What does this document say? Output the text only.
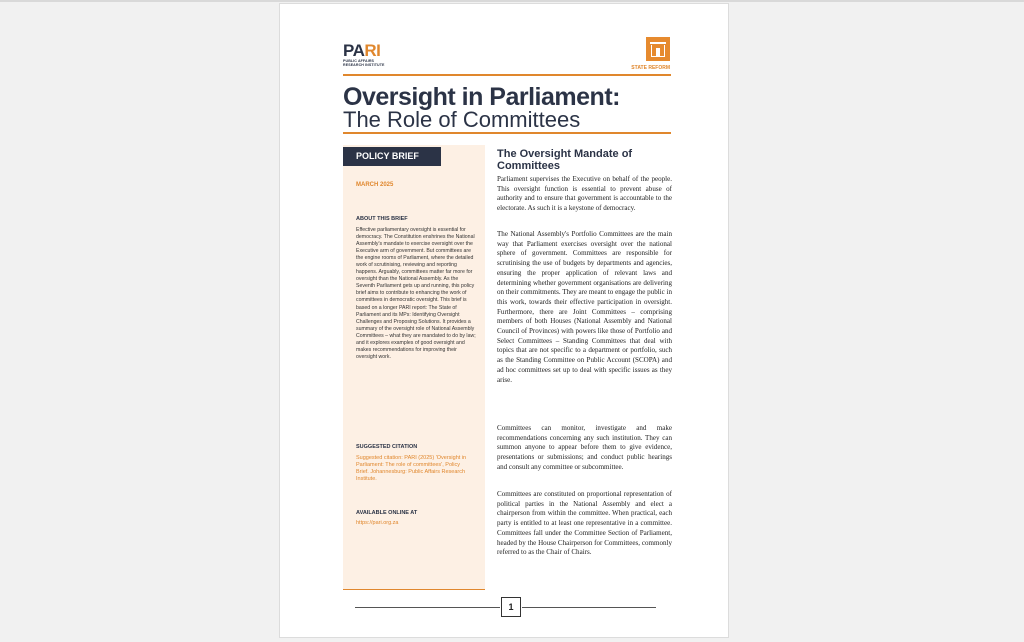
PARI
PUBLIC AFFAIRS
RESEARCH INSTITUTE	STATE REFORM
Oversight in Parliament:
The Role of Committees
POLICY BRIEF
MARCH 2025
ABOUT THIS BRIEF
Effective parliamentary oversight is essential for democracy. The Constitution enshrines the National Assembly's mandate to exercise oversight over the Executive arm of government. But committees are the engine rooms of Parliament, where the detailed work of scrutinising, reviewing and reporting happens. Arguably, committees matter far more for oversight than the National Assembly. As the Seventh Parliament gets up and running, this policy brief aims to contribute to enhancing the work of committees in democratic oversight. This brief is based on a longer PARI report: The State of Parliament and its MPs: Identifying Oversight Challenges and Proposing Solutions. It provides a summary of the oversight role of National Assembly Committees – what they are mandated to do by law; and it explores examples of good oversight and makes recommendations for improving their oversight work.
SUGGESTED CITATION
Suggested citation: PARI (2025) 'Oversight in Parliament: The role of committees', Policy Brief. Johannesburg: Public Affairs Research Institute.
AVAILABLE ONLINE AT
https://pari.org.za
The Oversight Mandate of Committees

Parliament supervises the Executive on behalf of the people. This oversight function is essential to prevent abuse of authority and to ensure that government is accountable to the electorate. As such it is a keystone of democracy.

The National Assembly's Portfolio Committees are the main way that Parliament exercises oversight over the national sphere of government. Committees are responsible for scrutinising the use of budgets by departments and agencies, ensuring the proper application of relevant laws and determining whether government organisations are delivering on their commitments. They are meant to engage the public in this work, towards their effective participation in oversight. Furthermore, there are Joint Committees – comprising members of both Houses (National Assembly and National Council of Provinces) with powers like those of Portfolio and Select Committees – Standing Committees that deal with topics that are not specific to a department or portfolio, such as the Standing Committee on Public Account (SCOPA) and ad hoc committees set up to deal with specific issues as they arise.

Committees can monitor, investigate and make recommendations concerning any such institution. They can summon anyone to appear before them to give evidence, presentations or submissions; and conduct public hearings and consult any committee or subcommittee.

Committees are constituted on proportional representation of political parties in the National Assembly and elect a chairperson from within the committee. When practical, each party is entitled to at least one representative in a committee. Committees fall under the Committee Section of Parliament, headed by the House Chairperson for Committees, commonly referred to as the Chair of Chairs.

1
